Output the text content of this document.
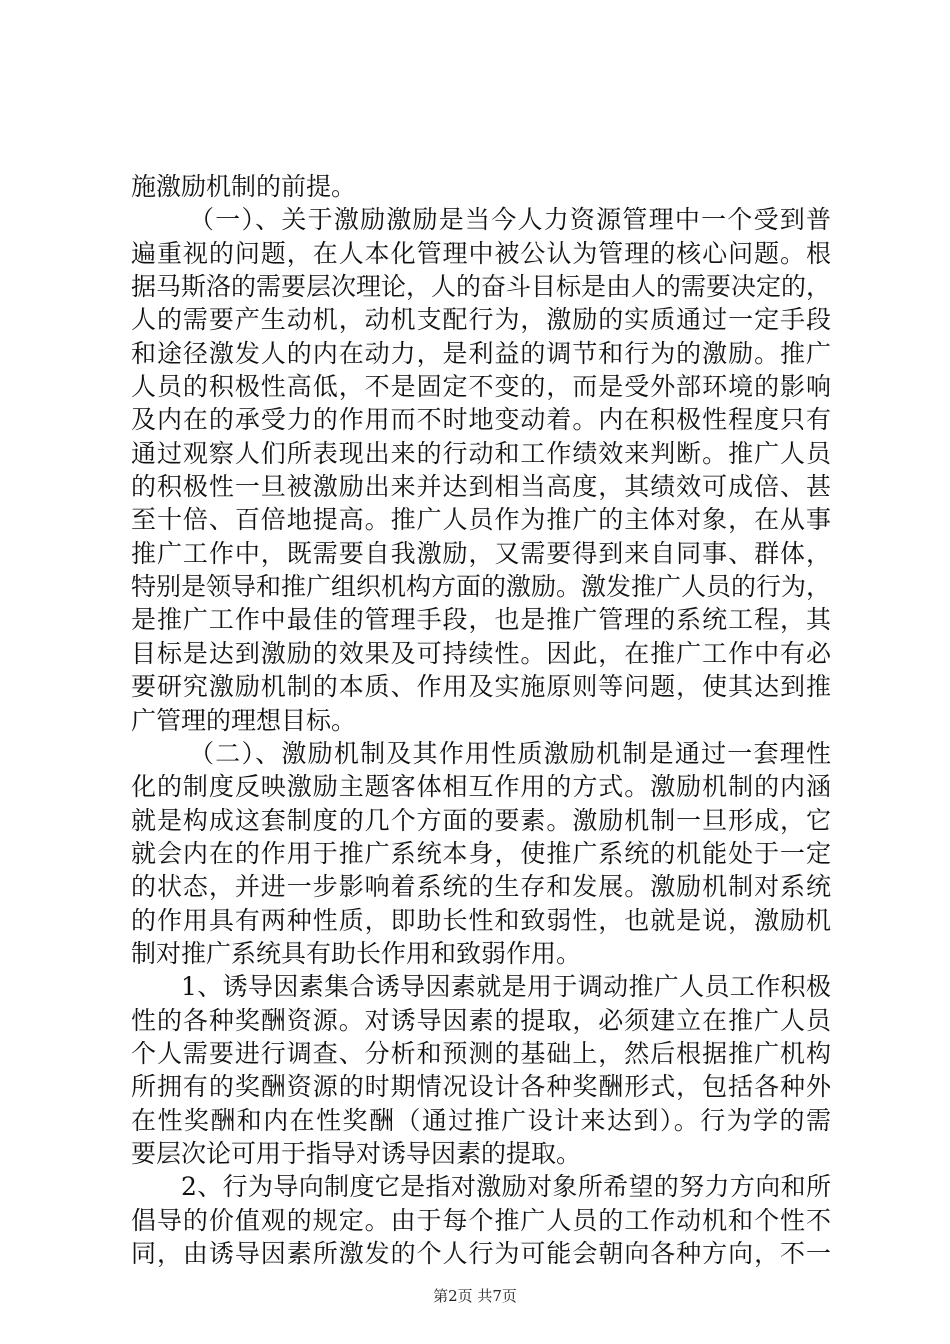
施激励机制的前提。
（一）、关于激励激励是当今人力资源管理中一个受到普
遍重视的问题，在人本化管理中被公认为管理的核心问题。根
据马斯洛的需要层次理论，人的奋斗目标是由人的需要决定的，
人的需要产生动机，动机支配行为，激励的实质通过一定手段
和途径激发人的内在动力，是利益的调节和行为的激励。推广
人员的积极性高低，不是固定不变的，而是受外部环境的影响
及内在的承受力的作用而不时地变动着。内在积极性程度只有
通过观察人们所表现出来的行动和工作绩效来判断。推广人员
的积极性一旦被激励出来并达到相当高度，其绩效可成倍、甚
至十倍、百倍地提高。推广人员作为推广的主体对象，在从事
推广工作中，既需要自我激励，又需要得到来自同事、群体，
特别是领导和推广组织机构方面的激励。激发推广人员的行为，
是推广工作中最佳的管理手段，也是推广管理的系统工程，其
目标是达到激励的效果及可持续性。因此，在推广工作中有必
要研究激励机制的本质、作用及实施原则等问题，使其达到推
广管理的理想目标。
（二）、激励机制及其作用性质激励机制是通过一套理性
化的制度反映激励主题客体相互作用的方式。激励机制的内涵
就是构成这套制度的几个方面的要素。激励机制一旦形成，它
就会内在的作用于推广系统本身，使推广系统的机能处于一定
的状态，并进一步影响着系统的生存和发展。激励机制对系统
的作用具有两种性质，即助长性和致弱性，也就是说，激励机
制对推广系统具有助长作用和致弱作用。
1、诱导因素集合诱导因素就是用于调动推广人员工作积极
性的各种奖酬资源。对诱导因素的提取，必须建立在推广人员
个人需要进行调查、分析和预测的基础上，然后根据推广机构
所拥有的奖酬资源的时期情况设计各种奖酬形式，包括各种外
在性奖酬和内在性奖酬（通过推广设计来达到）。行为学的需
要层次论可用于指导对诱导因素的提取。
2、行为导向制度它是指对激励对象所希望的努力方向和所
倡导的价值观的规定。由于每个推广人员的工作动机和个性不
同，由诱导因素所激发的个人行为可能会朝向各种方向，不一
第2页 共7页
